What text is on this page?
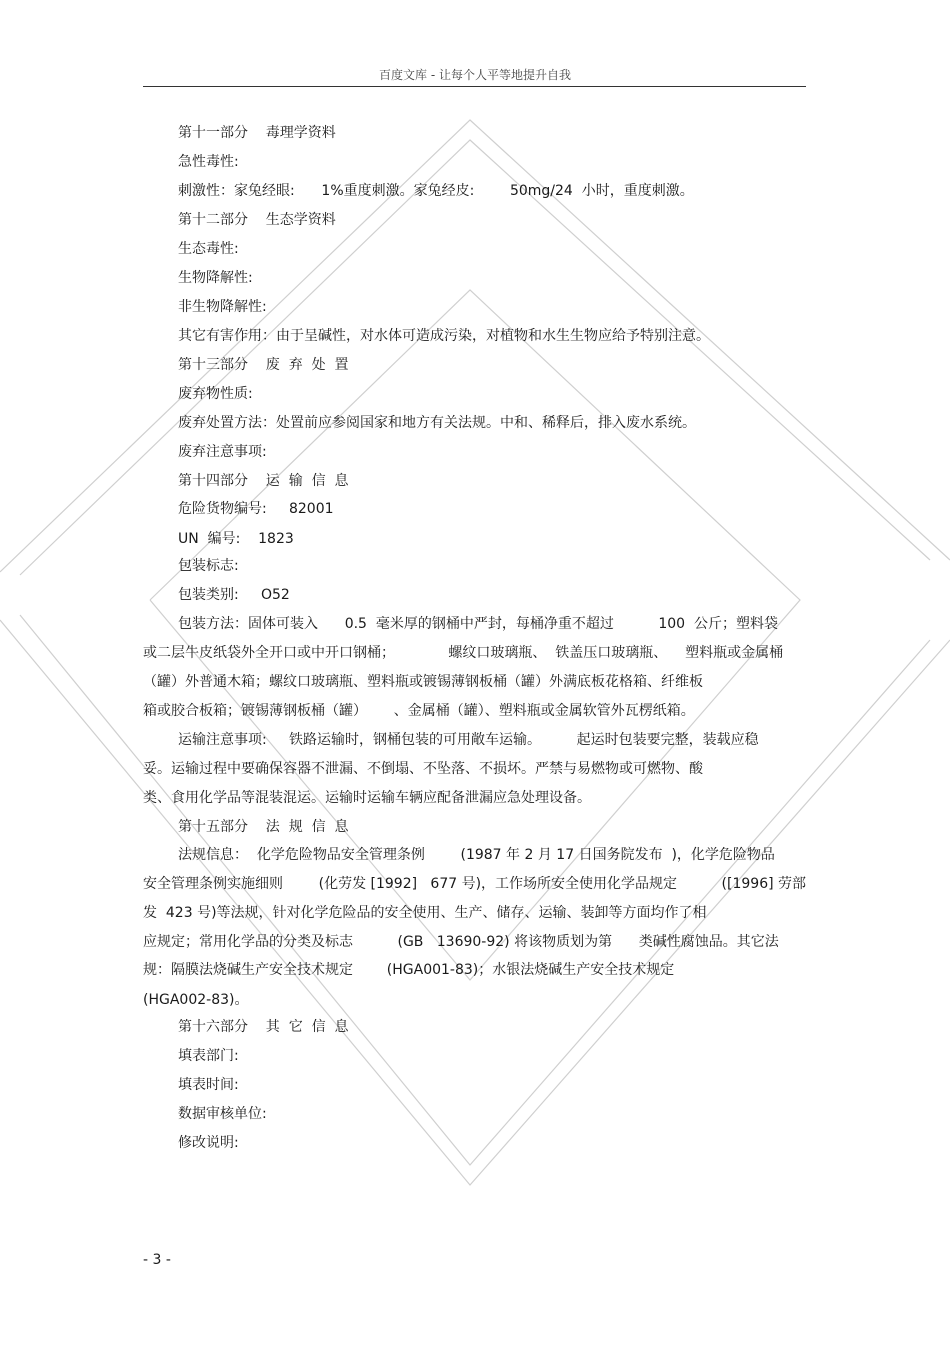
百度文库 - 让每个人平等地提升自我
第十一部分    毒理学资料
急性毒性:
刺激性：家兔经眼:      1%重度刺激。家兔经皮:        50mg/24  小时，重度刺激。
第十二部分    生态学资料
生态毒性:
生物降解性:
非生物降解性:
其它有害作用：由于呈碱性，对水体可造成污染，对植物和水生生物应给予特别注意。
第十三部分    废  弃  处  置
废弃物性质:
废弃处置方法：处置前应参阅国家和地方有关法规。中和、稀释后，排入废水系统。
废弃注意事项:
第十四部分    运  输  信  息
危险货物编号:     82001
UN  编号:    1823
包装标志:
包装类别:     O52
包装方法：固体可装入      0.5  毫米厚的钢桶中严封，每桶净重不超过          100  公斤；塑料袋
或二层牛皮纸袋外全开口或中开口钢桶；            螺纹口玻璃瓶、  铁盖压口玻璃瓶、    塑料瓶或金属桶
（罐）外普通木箱；螺纹口玻璃瓶、塑料瓶或镀锡薄钢板桶（罐）外满底板花格箱、纤维板
箱或胶合板箱；镀锡薄钢板桶（罐）      、金属桶（罐）、塑料瓶或金属软管外瓦楞纸箱。
运输注意事项:     铁路运输时，钢桶包装的可用敞车运输。        起运时包装要完整，装载应稳
妥。运输过程中要确保容器不泄漏、不倒塌、不坠落、不损坏。严禁与易燃物或可燃物、酸
类、食用化学品等混装混运。运输时运输车辆应配备泄漏应急处理设备。
第十五部分    法  规  信  息
法规信息：  化学危险物品安全管理条例        (1987 年 2 月 17 日国务院发布  )，化学危险物品
安全管理条例实施细则        (化劳发 [1992]   677 号)，工作场所安全使用化学品规定          ([1996] 劳部
发  423 号)等法规，针对化学危险品的安全使用、生产、储存、运输、装卸等方面均作了相
应规定；常用化学品的分类及标志          (GB   13690-92) 将该物质划为第      类碱性腐蚀品。其它法
规：隔膜法烧碱生产安全技术规定    (HGA001-83)；水银法烧碱生产安全技术规定
(HGA002-83)。
第十六部分    其  它  信  息
填表部门:
填表时间:
数据审核单位:
修改说明:
- 3 -
